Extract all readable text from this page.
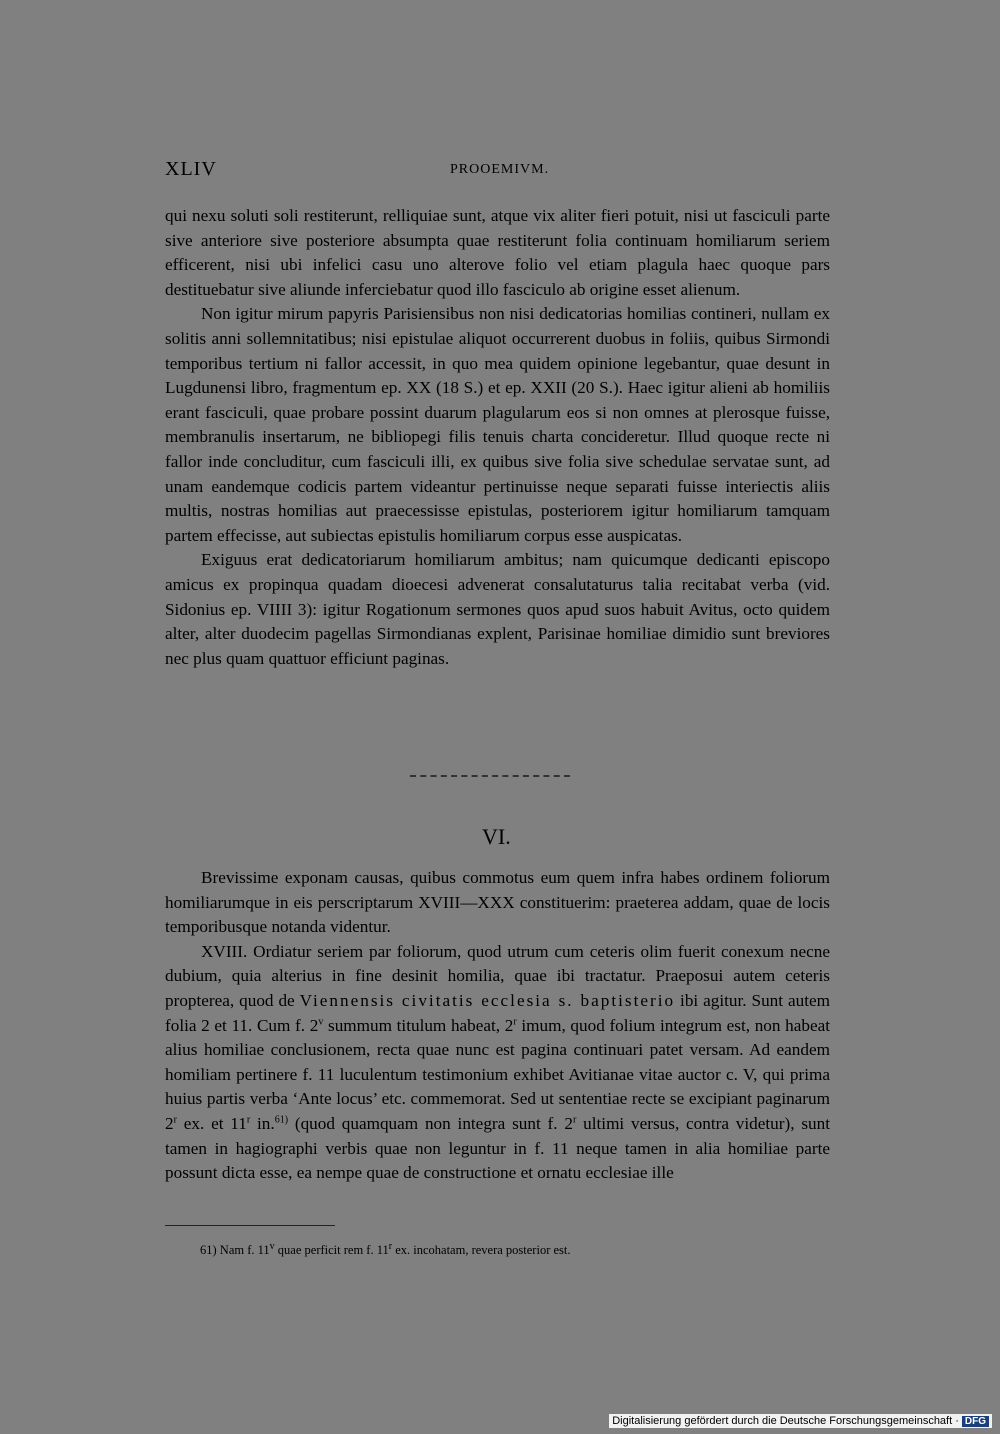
XLIV	PROOEMIVM.

qui nexu soluti soli restiterunt, relliquiae sunt, atque vix aliter fieri potuit, nisi ut fasciculi parte sive anteriore sive posteriore absumpta quae restiterunt folia continuam homiliarum seriem efficerent, nisi ubi infelici casu uno alterove folio vel etiam plagula haec quoque pars destituebatur sive aliunde inferciebatur quod illo fasciculo ab origine esset alienum.

Non igitur mirum papyris Parisiensibus non nisi dedicatorias homilias contineri, nullam ex solitis anni sollemnitatibus; nisi epistulae aliquot occurrerent duobus in foliis, quibus Sirmondi temporibus tertium ni fallor accessit, in quo mea quidem opinione legebantur, quae desunt in Lugdunensi libro, fragmentum ep. XX (18 S.) et ep. XXII (20 S.). Haec igitur alieni ab homiliis erant fasciculi, quae probare possint duarum plagularum eos si non omnes at plerosque fuisse, membranulis insertarum, ne bibliopegi filis tenuis charta concideretur. Illud quoque recte ni fallor inde concluditur, cum fasciculi illi, ex quibus sive folia sive schedulae servatae sunt, ad unam eandemque codicis partem videantur pertinuisse neque separati fuisse interiectis aliis multis, nostras homilias aut praecessisse epistulas, posteriorem igitur homiliarum tamquam partem effecisse, aut subiectas epistulis homiliarum corpus esse auspicatas.

Exiguus erat dedicatoriarum homiliarum ambitus; nam quicumque dedicanti episcopo amicus ex propinqua quadam dioecesi advenerat consalutaturus talia recitabat verba (vid. Sidonius ep. VIIII 3): igitur Rogationum sermones quos apud suos habuit Avitus, octo quidem alter, alter duodecim pagellas Sirmondianas explent, Parisinae homiliae dimidio sunt breviores nec plus quam quattuor efficiunt paginas.

VI.

Brevissime exponam causas, quibus commotus eum quem infra habes ordinem foliorum homiliarumque in eis perscriptarum XVIII—XXX constituerim: praeterea addam, quae de locis temporibusque notanda videntur.

XVIII. Ordiatur seriem par foliorum, quod utrum cum ceteris olim fuerit conexum necne dubium, quia alterius in fine desinit homilia, quae ibi tractatur. Praeposui autem ceteris propterea, quod de Viennensis civitatis ecclesia s. baptisterio ibi agitur. Sunt autem folia 2 et 11. Cum f. 2$^v$ summum titulum habeat, 2$^r$ imum, quod folium integrum est, non habeat alius homiliae conclusionem, recta quae nunc est pagina continuari patet versam. Ad eandem homiliam pertinere f. 11 luculentum testimonium exhibet Avitianae vitae auctor c. V, qui prima huius partis verba ‘Ante locus’ etc. commemorat. Sed ut sententiae recte se excipiant paginarum 2$^r$ ex. et 11$^r$ in.$^{61)}$ (quod quamquam non integra sunt f. 2$^r$ ultimi versus, contra videtur), sunt tamen in hagiographi verbis quae non leguntur in f. 11 neque tamen in alia homiliae parte possunt dicta esse, ea nempe quae de constructione et ornatu ecclesiae ille

61) Nam f. 11$^v$ quae perficit rem f. 11$^r$ ex. incohatam, revera posterior est.
Digitalisierung gefördert durch die Deutsche Forschungsgemeinschaft · DFG
